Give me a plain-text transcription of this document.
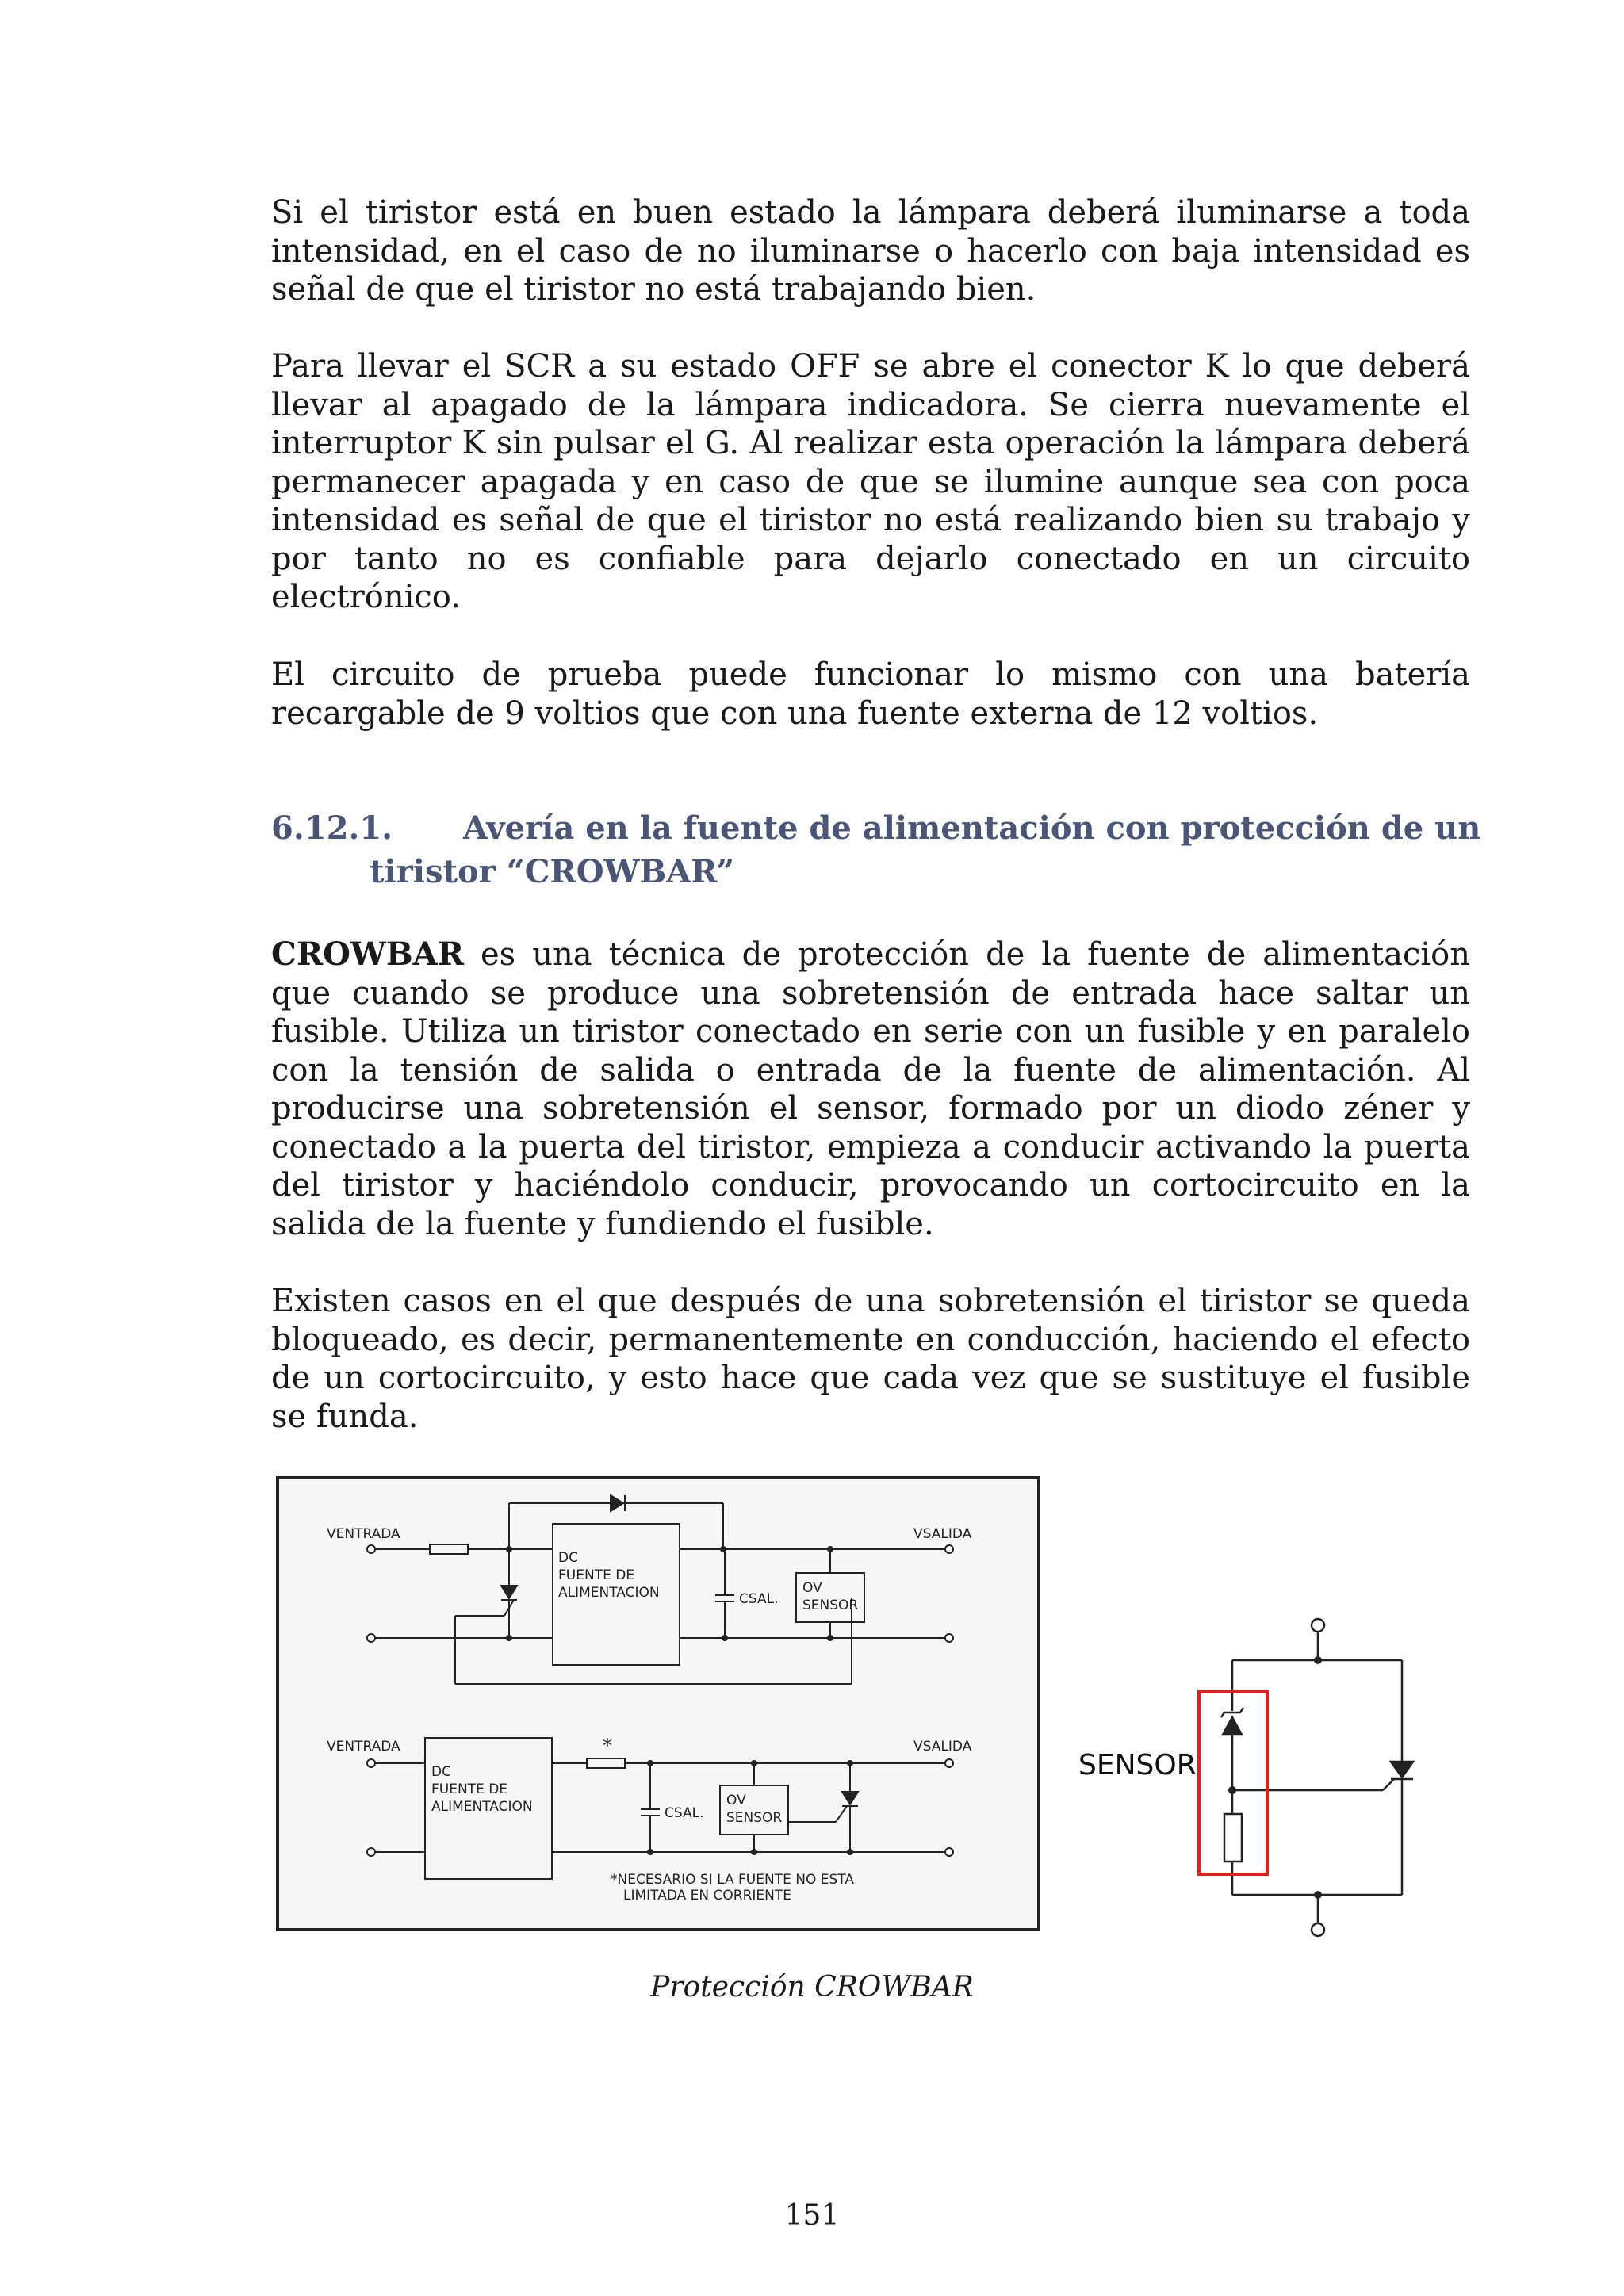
Si el tiristor está en buen estado la lámpara deberá iluminarse a toda intensidad, en el caso de no iluminarse o hacerlo con baja intensidad es señal de que el tiristor no está trabajando bien.

Para llevar el SCR a su estado OFF se abre el conector K lo que deberá llevar al apagado de la lámpara indicadora. Se cierra nuevamente el interruptor K sin pulsar el G. Al realizar esta operación la lámpara deberá permanecer apagada y en caso de que se ilumine aunque sea con poca intensidad es señal de que el tiristor no está realizando bien su trabajo y por tanto no es confiable para dejarlo conectado en un circuito electrónico.

El circuito de prueba puede funcionar lo mismo con una batería recargable de 9 voltios que con una fuente externa de 12 voltios.

6.12.1. Avería en la fuente de alimentación con protección de un
tiristor “CROWBAR”

CROWBAR es una técnica de protección de la fuente de alimentación que cuando se produce una sobretensión de entrada hace saltar un fusible. Utiliza un tiristor conectado en serie con un fusible y en paralelo con la tensión de salida o entrada de la fuente de alimentación. Al producirse una sobretensión el sensor, formado por un diodo zéner y conectado a la puerta del tiristor, empieza a conducir activando la puerta del tiristor y haciéndolo conducir, provocando un cortocircuito en la salida de la fuente y fundiendo el fusible.

Existen casos en el que después de una sobretensión el tiristor se queda bloqueado, es decir, permanentemente en conducción, haciendo el efecto de un cortocircuito, y esto hace que cada vez que se sustituye el fusible se funda.

VENTRADA	VSALIDA
DC
FUENTE DE
ALIMENTACION	CSAL.
OV
SENSOR
VENTRADA	VSALIDA
*
DC
FUENTE DE
ALIMENTACION	CSAL.
OV
SENSOR
*NECESARIO SI LA FUENTE NO ESTA
LIMITADA EN CORRIENTE
SENSOR
Protección CROWBAR
151
